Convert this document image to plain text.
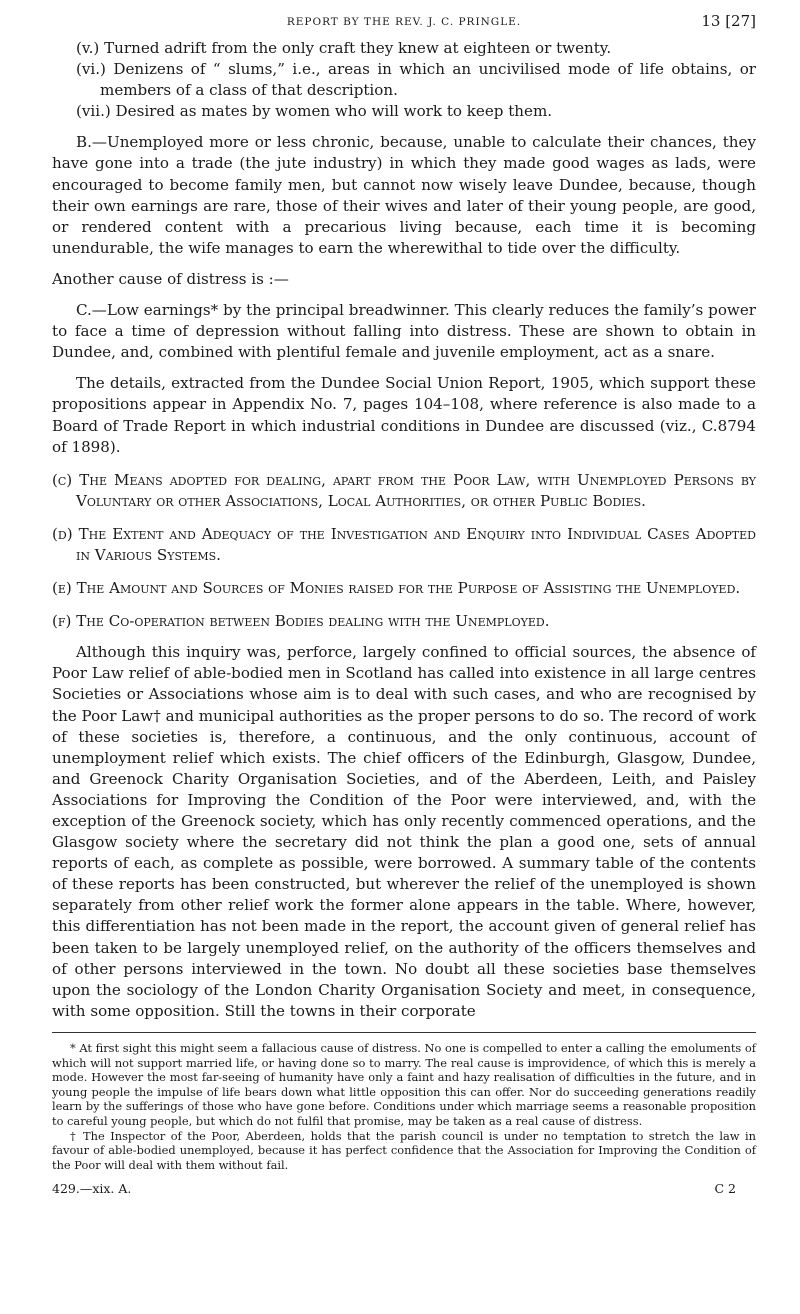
REPORT BY THE REV. J. C. PRINGLE.	13 [27]

(v.) Turned adrift from the only craft they knew at eighteen or twenty.

(vi.) Denizens of “ slums,” i.e., areas in which an uncivilised mode of life obtains, or members of a class of that description.

(vii.) Desired as mates by women who will work to keep them.

B.—Unemployed more or less chronic, because, unable to calculate their chances, they have gone into a trade (the jute industry) in which they made good wages as lads, were encouraged to become family men, but cannot now wisely leave Dundee, because, though their own earnings are rare, those of their wives and later of their young people, are good, or rendered content with a precarious living because, each time it is becoming unendurable, the wife manages to earn the wherewithal to tide over the difficulty.

Another cause of distress is :—

C.—Low earnings* by the principal breadwinner. This clearly reduces the family’s power to face a time of depression without falling into distress. These are shown to obtain in Dundee, and, combined with plentiful female and juvenile employment, act as a snare.

The details, extracted from the Dundee Social Union Report, 1905, which support these propositions appear in Appendix No. 7, pages 104–108, where reference is also made to a Board of Trade Report in which industrial conditions in Dundee are discussed (viz., C.8794 of 1898).

(c) The Means adopted for dealing, apart from the Poor Law, with Unemployed Persons by Voluntary or other Associations, Local Authorities, or other Public Bodies.

(d) The Extent and Adequacy of the Investigation and Enquiry into Individual Cases Adopted in Various Systems.

(e) The Amount and Sources of Monies raised for the Purpose of Assisting the Unemployed.

(f) The Co-operation between Bodies dealing with the Unemployed.

Although this inquiry was, perforce, largely confined to official sources, the absence of Poor Law relief of able-bodied men in Scotland has called into existence in all large centres Societies or Associations whose aim is to deal with such cases, and who are recognised by the Poor Law† and municipal authorities as the proper persons to do so. The record of work of these societies is, therefore, a continuous, and the only continuous, account of unemployment relief which exists. The chief officers of the Edinburgh, Glasgow, Dundee, and Greenock Charity Organisation Societies, and of the Aberdeen, Leith, and Paisley Associations for Improving the Condition of the Poor were interviewed, and, with the exception of the Greenock society, which has only recently commenced operations, and the Glasgow society where the secretary did not think the plan a good one, sets of annual reports of each, as complete as possible, were borrowed. A summary table of the contents of these reports has been constructed, but wherever the relief of the unemployed is shown separately from other relief work the former alone appears in the table. Where, however, this differentiation has not been made in the report, the account given of general relief has been taken to be largely unemployed relief, on the authority of the officers themselves and of other persons interviewed in the town. No doubt all these societies base themselves upon the sociology of the London Charity Organisation Society and meet, in consequence, with some opposition. Still the towns in their corporate

* At first sight this might seem a fallacious cause of distress. No one is compelled to enter a calling the emoluments of which will not support married life, or having done so to marry. The real cause is improvidence, of which this is merely a mode. However the most far-seeing of humanity have only a faint and hazy realisation of difficulties in the future, and in young people the impulse of life bears down what little opposition this can offer. Nor do succeeding generations readily learn by the sufferings of those who have gone before. Conditions under which marriage seems a reasonable proposition to careful young people, but which do not fulfil that promise, may be taken as a real cause of distress.

† The Inspector of the Poor, Aberdeen, holds that the parish council is under no temptation to stretch the law in favour of able-bodied unemployed, because it has perfect confidence that the Association for Improving the Condition of the Poor will deal with them without fail.

429.—xix. A.	C 2
